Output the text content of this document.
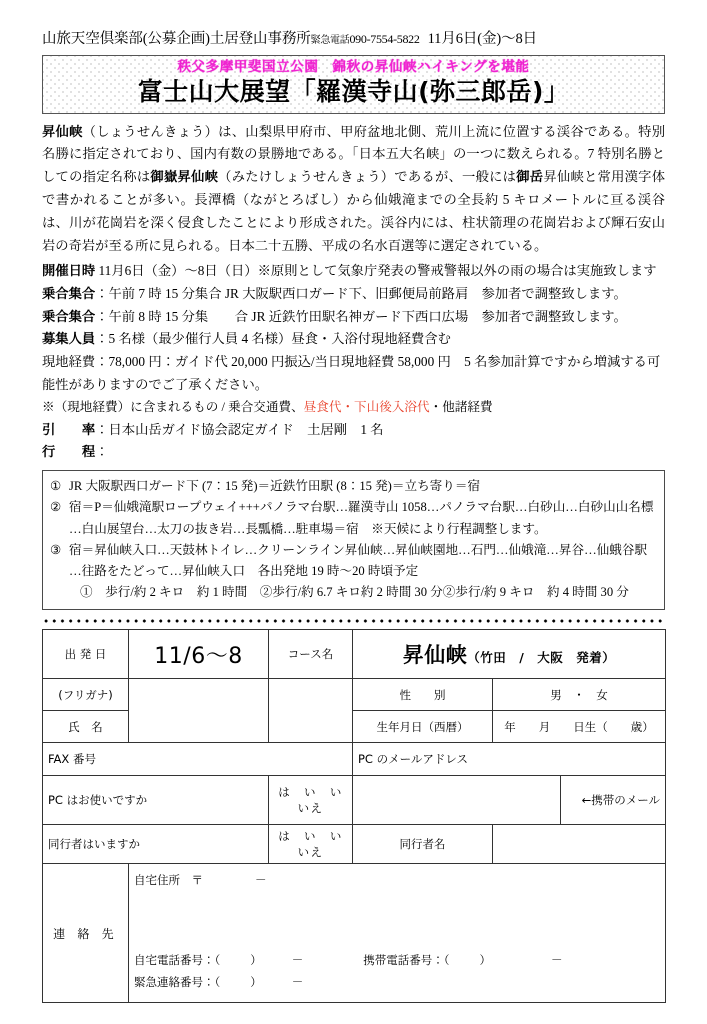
山旅天空倶楽部(公募企画)土居登山事務所緊急電話090-7554-5822 11月6日(金)～8日
秩父多摩甲斐国立公園　錦秋の昇仙峡ハイキングを堪能
富士山大展望「羅漢寺山(弥三郎岳)」
昇仙峡（しょうせんきょう）は、山梨県甲府市、甲府盆地北側、荒川上流に位置する渓谷である。特別名勝に指定されており、国内有数の景勝地である。「日本五大名峡」の一つに数えられる。7 特別名勝としての指定名称は御嶽昇仙峡（みたけしょうせんきょう）であるが、一般には御岳昇仙峡と常用漢字体で書かれることが多い。長潭橋（ながとろばし）から仙娥滝までの全長約 5 キロメートルに亘る渓谷は、川が花崗岩を深く侵食したことにより形成された。渓谷内には、柱状箭理の花崗岩および輝石安山岩の奇岩が至る所に見られる。日本二十五勝、平成の名水百選等に選定されている。
開催日時 11月6日（金）～8日（日）※原則として気象庁発表の警戒警報以外の雨の場合は実施致します
乗合集合：午前 7 時 15 分集合 JR 大阪駅西口ガード下、旧郵便局前路肩　参加者で調整致します。
乗合集合：午前 8 時 15 分集　　合 JR 近鉄竹田駅名神ガード下西口広場　参加者で調整致します。
募集人員：5 名様（最少催行人員 4 名様）昼食・入浴付現地経費含む
現地経費：78,000 円：ガイド代 20,000 円振込/当日現地経費 58,000 円　5 名参加計算ですから増減する可能性がありますのでご了承ください。
※（現地経費）に含まれるもの / 乗合交通費、昼食代・下山後入浴代・他諸経費
引　　率：日本山岳ガイド協会認定ガイド　土居剛　1 名
行　　程：
① JR 大阪駅西口ガード下 (7：15 発)＝近鉄竹田駅 (8：15 発)＝立ち寄り＝宿
② 宿＝P＝仙娥滝駅ロープウェイ+++パノラマ台駅…羅漢寺山 1058…パノラマ台駅…白砂山…白砂山山名標
…白山展望台…太刀の抜き岩…長瓢橋…駐車場＝宿　※天候により行程調整します。
③ 宿＝昇仙峡入口…天鼓林トイレ…クリーンライン昇仙峡…昇仙峡園地…石門…仙娥滝…昇谷…仙蛾谷駅
…往路をたどって…昇仙峡入口　各出発地 19 時～20 時頃予定
①　歩行/約 2 キロ　約 1 時間　②歩行/約 6.7 キロ約 2 時間 30 分②歩行/約 9 キロ　約 4 時間 30 分
出 発 日	11/6～8	コース名	昇仙峡（竹田　/　大阪　発着）		
(フリガナ)			性　　別	男　・　女	
氏　名			生年月日（西暦）	年　　月　　日生（　　歳）	
FAX 番号			PC のメールアドレス		
PC はお使いですか		は　い　いいえ			←携帯のメール
同行者はいますか		は　い　いいえ	同行者名		
連 絡 先	自宅住所　〒 －
自宅電話番号：（ ） － 携帯電話番号：（ ） －
緊急連絡番号：（ ） －				
